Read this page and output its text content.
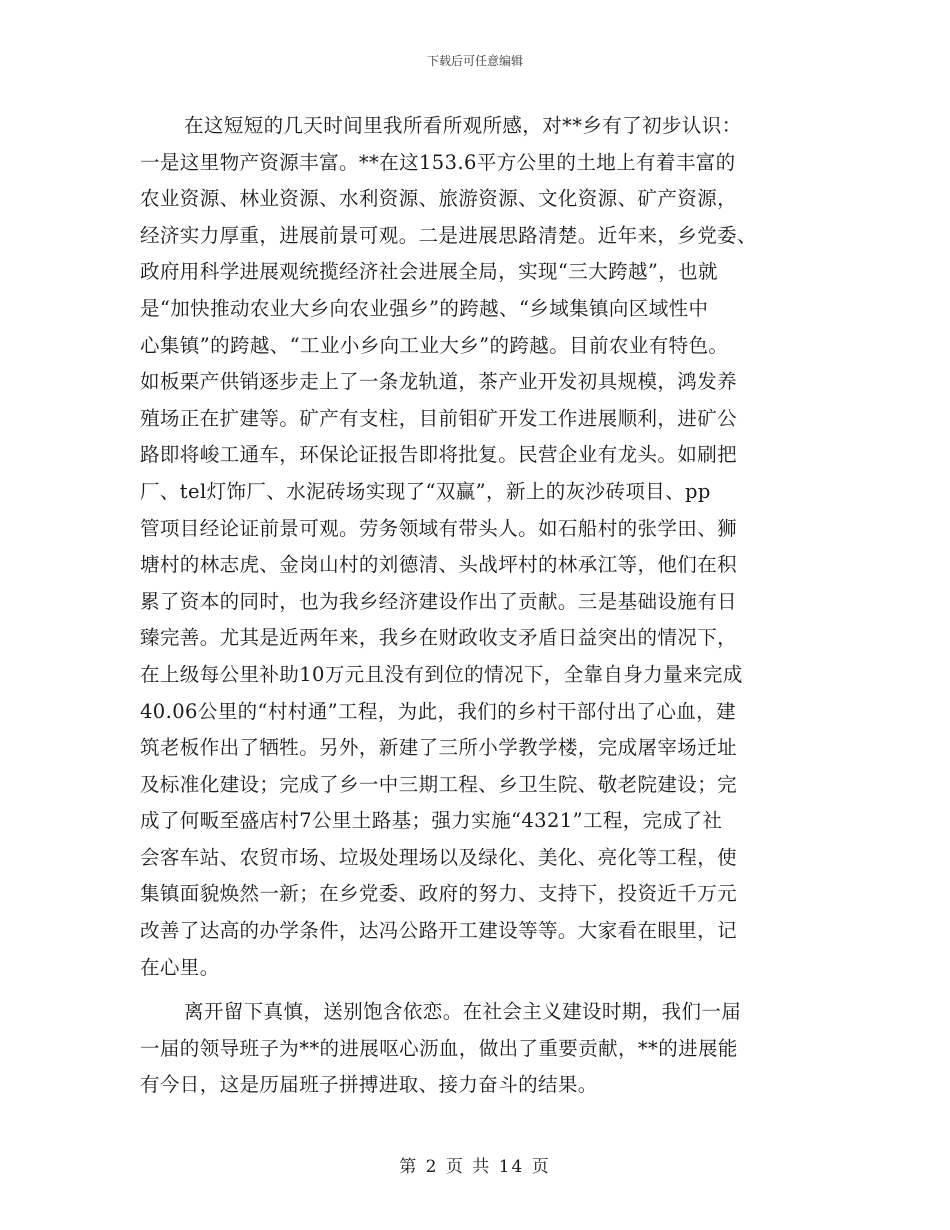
下载后可任意编辑
在这短短的几天时间里我所看所观所感，对**乡有了初步认识：
一是这里物产资源丰富。**在这153.6平方公里的土地上有着丰富的
农业资源、林业资源、水利资源、旅游资源、文化资源、矿产资源，
经济实力厚重，进展前景可观。二是进展思路清楚。近年来，乡党委、
政府用科学进展观统揽经济社会进展全局，实现“三大跨越”，也就
是“加快推动农业大乡向农业强乡”的跨越、“乡域集镇向区域性中
心集镇”的跨越、“工业小乡向工业大乡”的跨越。目前农业有特色。
如板栗产供销逐步走上了一条龙轨道，茶产业开发初具规模，鸿发养
殖场正在扩建等。矿产有支柱，目前钼矿开发工作进展顺利，进矿公
路即将峻工通车，环保论证报告即将批复。民营企业有龙头。如刷把
厂、tel灯饰厂、水泥砖场实现了“双赢”，新上的灰沙砖项目、pp
管项目经论证前景可观。劳务领域有带头人。如石船村的张学田、狮
塘村的林志虎、金岗山村的刘德清、头战坪村的林承江等，他们在积
累了资本的同时，也为我乡经济建设作出了贡献。三是基础设施有日
臻完善。尤其是近两年来，我乡在财政收支矛盾日益突出的情况下，
在上级每公里补助10万元且没有到位的情况下，全靠自身力量来完成
40.06公里的“村村通”工程，为此，我们的乡村干部付出了心血，建
筑老板作出了牺牲。另外，新建了三所小学教学楼，完成屠宰场迁址
及标准化建设；完成了乡一中三期工程、乡卫生院、敬老院建设；完
成了何畈至盛店村7公里土路基；强力实施“4321”工程，完成了社
会客车站、农贸市场、垃圾处理场以及绿化、美化、亮化等工程，使
集镇面貌焕然一新；在乡党委、政府的努力、支持下，投资近千万元
改善了达高的办学条件，达冯公路开工建设等等。大家看在眼里，记
在心里。
离开留下真慎，送别饱含依恋。在社会主义建设时期，我们一届
一届的领导班子为**的进展呕心沥血，做出了重要贡献，**的进展能
有今日，这是历届班子拼搏进取、接力奋斗的结果。
第 2 页 共 14 页
